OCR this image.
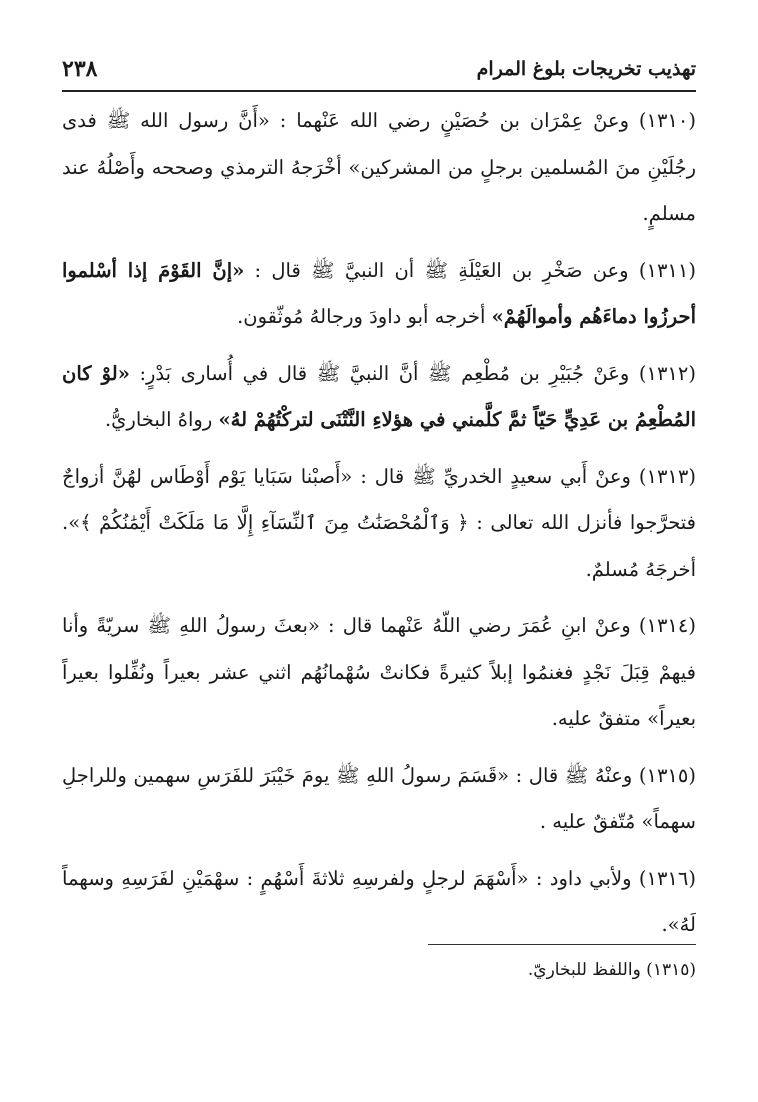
تهذيب تخريجات بلوغ المرام
٢٣٨

(١٣١٠) وعنْ عِمْرَان بن حُصَيْنٍ رضي الله عَنْهما : «أَنَّ رسول الله ﷺ فدى رجُلَيْنِ منَ المُسلمين برجلٍ من المشركين» أخْرَجهُ الترمذي وصححه وأَصْلُهُ عند مسلمٍ.

(١٣١١) وعن صَخْرِ بن العَيْلَةِ ﷺ أن النبيَّ ﷺ قال : «إنَّ القَوْمَ إذا أسْلموا أحرزُوا دماءَهُم وأموالَهُمْ» أخرجه أبو داودَ ورجالهُ مُوثّقون.

(١٣١٢) وعَنْ جُبَيْرِ بن مُطْعِم ﷺ أنَّ النبيَّ ﷺ قال في أُسارى بَدْرٍ: «لوْ كان المُطْعِمُ بن عَدِيٍّ حَيّاً ثمَّ كلَّمني في هؤلاءِ النَّتْنَى لتركْتُهُمْ لهُ» رواهُ البخاريُّ.

(١٣١٣) وعنْ أَبي سعيدٍ الخدريِّ ﷺ قال : «أَصبْنا سَبَايا يَوْم أَوْطَاس لهُنَّ أزواجٌ فتحرَّجوا فأنزل الله تعالى : ﴿ وَٱلْمُحْصَنَٰتُ مِنَ ٱلنِّسَآءِ إِلَّا مَا مَلَكَتْ أَيْمَٰنُكُمْ ﴾». أخرجَهُ مُسلمٌ.

(١٣١٤) وعنْ ابنِ عُمَرَ رضي اللّهُ عَنْهما قال : «بعثَ رسولُ اللهِ ﷺ سريّةً وأنا فيهمْ قِبَلَ نَجْدٍ فغنمُوا إبلاً كثيرةً فكانتْ سُهْمانُهُم اثني عشر بعيراً ونُفِّلوا بعيراً بعيراً» متفقٌ عليه.

(١٣١٥) وعنْهُ ﷺ قال : «قَسَمَ رسولُ اللهِ ﷺ يومَ خَيْبَرَ للفَرَسِ سهمين وللراجلِ سهماً» مُتّفقٌ عليه .

(١٣١٦) ولأبي داود : «أَسْهَمَ لرجلٍ ولفرسِهِ ثلاثةَ أَسْهُمٍ : سهْمَيْنِ لفَرَسِهِ وسهماً لَهُ».

(١٣١٥) واللفظ للبخاريّ.
